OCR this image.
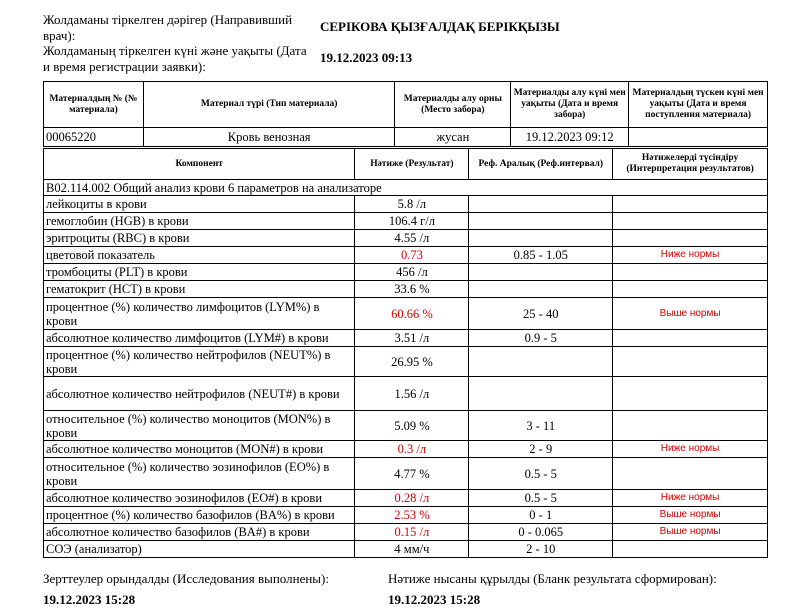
Жолдаманы тіркелген дәрігер (Направивший врач):
СЕРІКОВА ҚЫЗҒАЛДАҚ БЕРІКҚЫЗЫ
Жолдаманың тіркелген күні және уақыты (Дата и время регистрации заявки):
19.12.2023 09:13
Материалдың № (№ материала)	Материал түрі (Тип материала)	Материалды алу орны (Место забора)	Материалды алу күні мен уақыты (Дата и время забора)	Материалдың түскен күні мен уақыты (Дата и время поступления материала)
00065220	Кровь венозная	жусан	19.12.2023 09:12	
Компонент	Нәтиже (Результат)	Реф. Аралық (Реф.интервал)	Нәтижелерді түсіндіру (Интерпретация результатов)
B02.114.002 Общий анализ крови 6 параметров на анализаторе			
лейкоциты в крови	5.8 /л		
гемоглобин (HGB) в крови	106.4 г/л		
эритроциты (RBC) в крови	4.55 /л		
цветовой показатель	0.73	0.85 - 1.05	Ниже нормы
тромбоциты (PLT) в крови	456 /л		
гематокрит (HCT) в крови	33.6 %		
процентное (%) количество лимфоцитов (LYM%) в крови	60.66 %	25 - 40	Выше нормы
абсолютное количество лимфоцитов (LYM#) в крови	3.51 /л	0.9 - 5	
процентное (%) количество нейтрофилов (NEUT%) в крови	26.95 %		
абсолютное количество нейтрофилов (NEUT#) в крови	1.56 /л		
относительное (%) количество моноцитов (MON%) в крови	5.09 %	3 - 11	
абсолютное количество моноцитов (MON#) в крови	0.3 /л	2 - 9	Ниже нормы
относительное (%) количество эозинофилов (EO%) в крови	4.77 %	0.5 - 5	
абсолютное количество эозинофилов (EO#) в крови	0.28 /л	0.5 - 5	Ниже нормы
процентное (%) количество базофилов (BA%) в крови	2.53 %	0 - 1	Выше нормы
абсолютное количество базофилов (BA#) в крови	0.15 /л	0 - 0.065	Выше нормы
СОЭ (анализатор)	4 мм/ч	2 - 10	
Зерттеулер орындалды (Исследования выполнены):
19.12.2023 15:28
Нәтиже нысаны құрылды (Бланк результата сформирован):
19.12.2023 15:28
